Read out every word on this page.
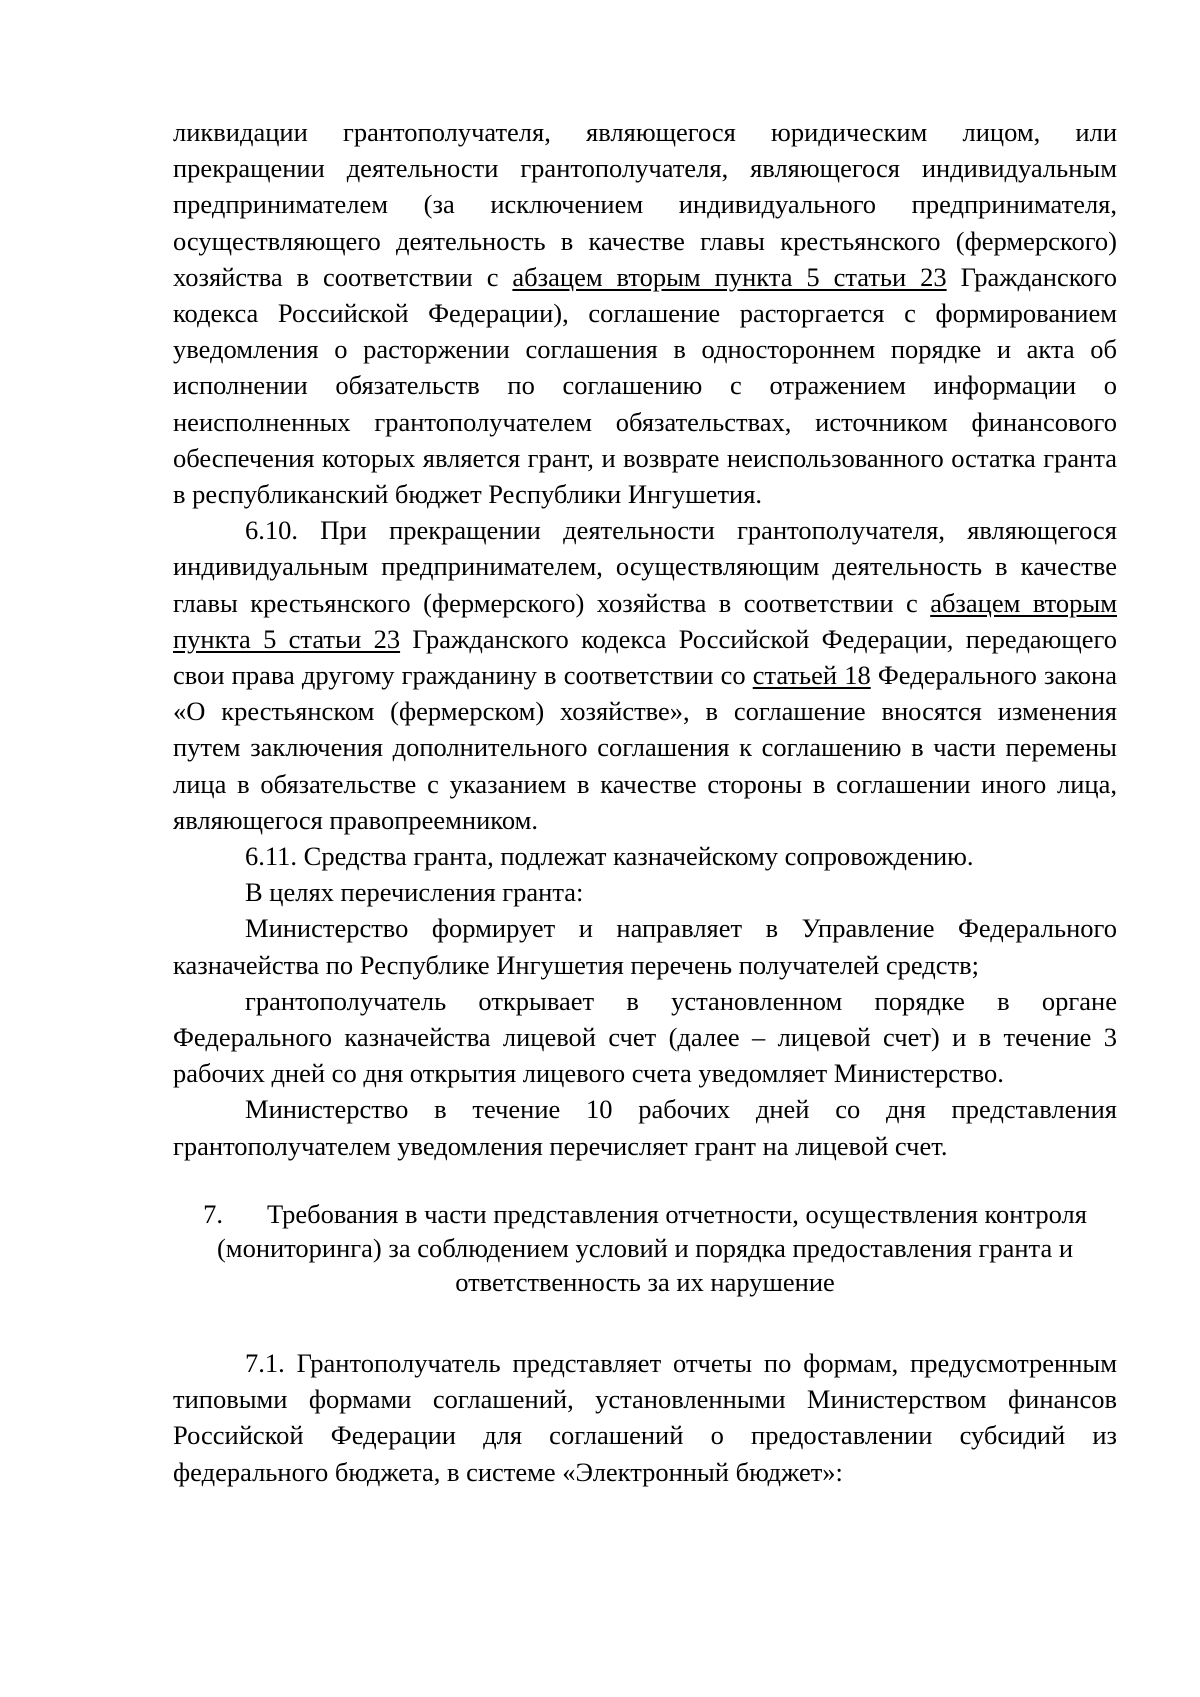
ликвидации грантополучателя, являющегося юридическим лицом, или прекращении деятельности грантополучателя, являющегося индивидуальным предпринимателем (за исключением индивидуального предпринимателя, осуществляющего деятельность в качестве главы крестьянского (фермерского) хозяйства в соответствии с абзацем вторым пункта 5 статьи 23 Гражданского кодекса Российской Федерации), соглашение расторгается с формированием уведомления о расторжении соглашения в одностороннем порядке и акта об исполнении обязательств по соглашению с отражением информации о неисполненных грантополучателем обязательствах, источником финансового обеспечения которых является грант, и возврате неиспользованного остатка гранта в республиканский бюджет Республики Ингушетия.

6.10. При прекращении деятельности грантополучателя, являющегося индивидуальным предпринимателем, осуществляющим деятельность в качестве главы крестьянского (фермерского) хозяйства в соответствии с абзацем вторым пункта 5 статьи 23 Гражданского кодекса Российской Федерации, передающего свои права другому гражданину в соответствии со статьей 18 Федерального закона «О крестьянском (фермерском) хозяйстве», в соглашение вносятся изменения путем заключения дополнительного соглашения к соглашению в части перемены лица в обязательстве с указанием в качестве стороны в соглашении иного лица, являющегося правопреемником.

6.11. Средства гранта, подлежат казначейскому сопровождению.

В целях перечисления гранта:

Министерство формирует и направляет в Управление Федерального казначейства по Республике Ингушетия перечень получателей средств;

грантополучатель открывает в установленном порядке в органе Федерального казначейства лицевой счет (далее – лицевой счет) и в течение 3 рабочих дней со дня открытия лицевого счета уведомляет Министерство.

Министерство в течение 10 рабочих дней со дня представления грантополучателем уведомления перечисляет грант на лицевой счет.

7. Требования в части представления отчетности, осуществления контроля (мониторинга) за соблюдением условий и порядка предоставления гранта и ответственность за их нарушение

7.1. Грантополучатель представляет отчеты по формам, предусмотренным типовыми формами соглашений, установленными Министерством финансов Российской Федерации для соглашений о предоставлении субсидий из федерального бюджета, в системе «Электронный бюджет»:
